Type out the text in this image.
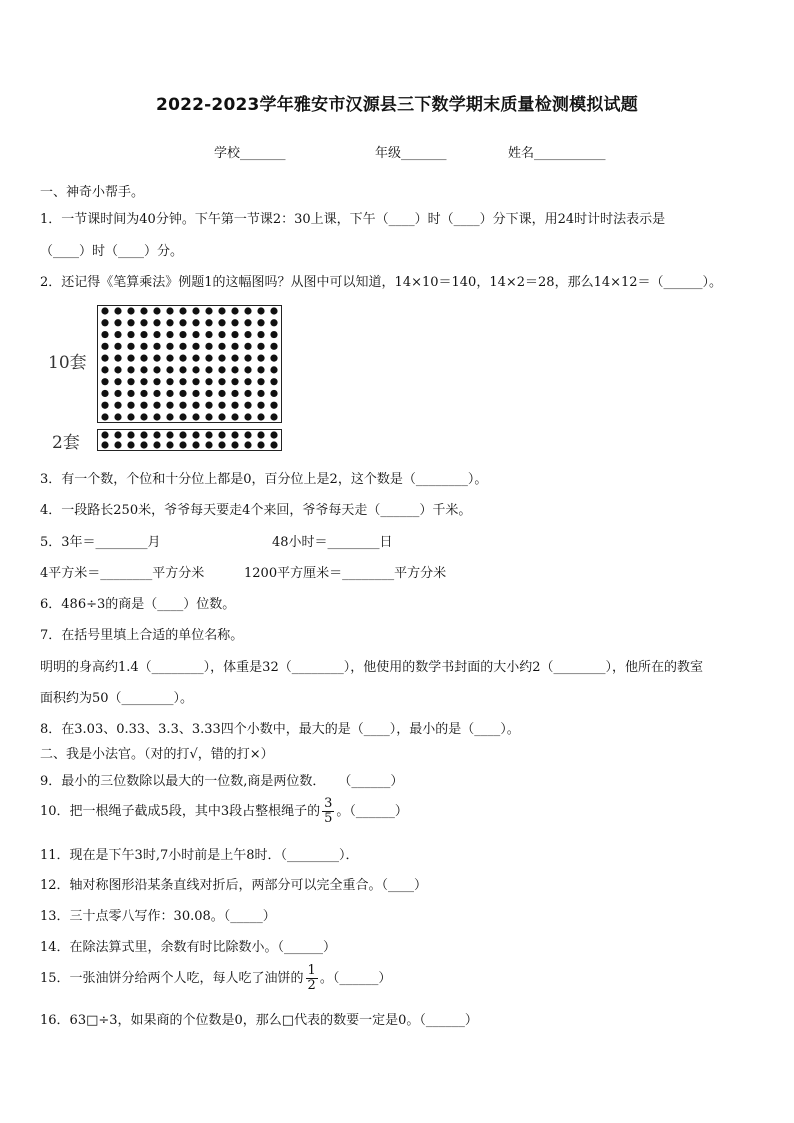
2022-2023学年雅安市汉源县三下数学期末质量检测模拟试题
学校_______	年级_______	姓名___________
一、神奇小帮手。
1．一节课时间为40分钟。下午第一节课2：30上课，下午（____）时（____）分下课，用24时计时法表示是
（____）时（____）分。
2．还记得《笔算乘法》例题1的这幅图吗？从图中可以知道，14×10＝140，14×2＝28，那么14×12＝（______）。
10套
2套
3．有一个数，个位和十分位上都是0，百分位上是2，这个数是（________）。
4．一段路长250米，爷爷每天要走4个来回，爷爷每天走（______）千米。
5．3年＝________月	48小时＝________日
4平方米＝________平方分米	1200平方厘米＝________平方分米
6．486÷3的商是（____）位数。
7．在括号里填上合适的单位名称。
明明的身高约1.4（________），体重是32（________），他使用的数学书封面的大小约2（________），他所在的教室
面积约为50（________）。
8．在3.03、0.33、3.3、3.33四个小数中，最大的是（____），最小的是（____）。
二、我是小法官。（对的打√，错的打×）
9．最小的三位数除以最大的一位数,商是两位数．　　（______）
10．把一根绳子截成5段，其中3段占整根绳子的 $\frac{3}{5}$ 。（______）
11．现在是下午3时,7小时前是上午8时．（________）．
12．轴对称图形沿某条直线对折后，两部分可以完全重合。（____）
13．三十点零八写作：30.08。（_____）
14．在除法算式里，余数有时比除数小。（______）
15．一张油饼分给两个人吃，每人吃了油饼的 $\frac{1}{2}$ 。（______）
16．63□÷3，如果商的个位数是0，那么□代表的数要一定是0。（______）
